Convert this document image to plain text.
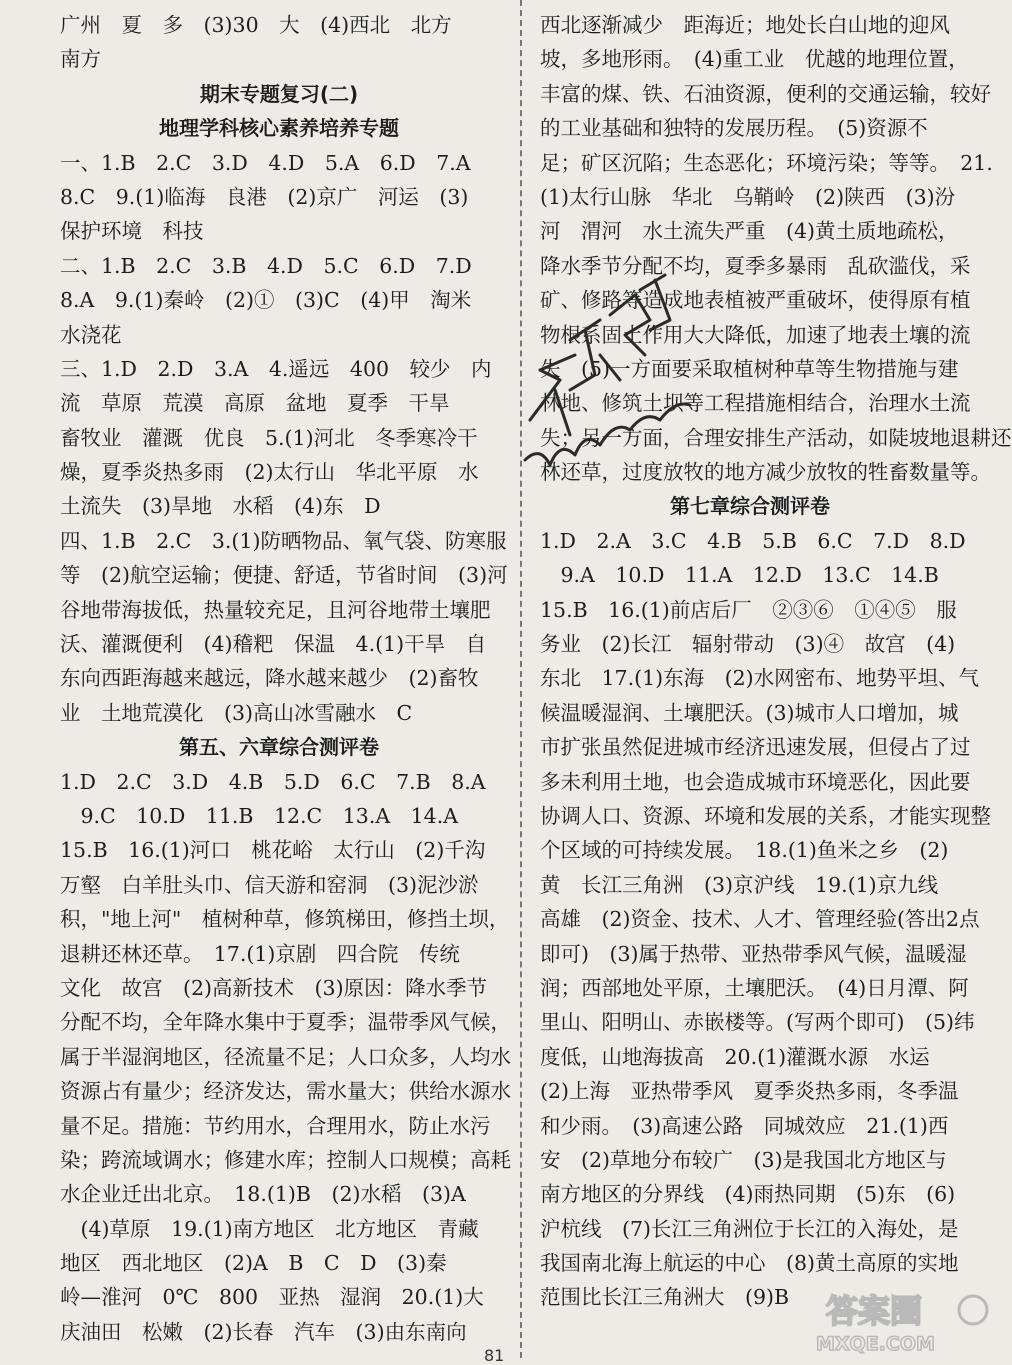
广州　夏　多　(3)30　大　(4)西北　北方
南方
期末专题复习(二)
地理学科核心素养培养专题
一、1.B　2.C　3.D　4.D　5.A　6.D　7.A
8.C　9.(1)临海　良港　(2)京广　河运　(3)
保护环境　科技
二、1.B　2.C　3.B　4.D　5.C　6.D　7.D
8.A　9.(1)秦岭　(2)①　(3)C　(4)甲　淘米
水浇花
三、1.D　2.D　3.A　4.遥远　400　较少　内
流　草原　荒漠　高原　盆地　夏季　干旱
畜牧业　灌溉　优良　5.(1)河北　冬季寒冷干
燥，夏季炎热多雨　(2)太行山　华北平原　水
土流失　(3)旱地　水稻　(4)东　D
四、1.B　2.C　3.(1)防晒物品、氧气袋、防寒服
等　(2)航空运输；便捷、舒适，节省时间　(3)河
谷地带海拔低，热量较充足，且河谷地带土壤肥
沃、灌溉便利　(4)稽粑　保温　4.(1)干旱　自
东向西距海越来越远，降水越来越少　(2)畜牧
业　土地荒漠化　(3)高山冰雪融水　C
第五、六章综合测评卷
1.D　2.C　3.D　4.B　5.D　6.C　7.B　8.A
　9.C　10.D　11.B　12.C　13.A　14.A
15.B　16.(1)河口　桃花峪　太行山　(2)千沟
万壑　白羊肚头巾、信天游和窑洞　(3)泥沙淤
积，"地上河"　植树种草，修筑梯田，修挡土坝，
退耕还林还草。　17.(1)京剧　四合院　传统
文化　故宫　(2)高新技术　(3)原因：降水季节
分配不均，全年降水集中于夏季；温带季风气候，
属于半湿润地区，径流量不足；人口众多，人均水
资源占有量少；经济发达，需水量大；供给水源水
量不足。措施：节约用水，合理用水，防止水污
染；跨流域调水；修建水库；控制人口规模；高耗
水企业迁出北京。　18.(1)B　(2)水稻　(3)A
　(4)草原　19.(1)南方地区　北方地区　青藏
地区　西北地区　(2)A　B　C　D　(3)秦
岭—淮河　0℃　800　亚热　湿润　20.(1)大
庆油田　松嫩　(2)长春　汽车　(3)由东南向
西北逐渐减少　距海近；地处长白山地的迎风
坡，多地形雨。　(4)重工业　优越的地理位置，
丰富的煤、铁、石油资源，便利的交通运输，较好
的工业基础和独特的发展历程。　(5)资源不
足；矿区沉陷；生态恶化；环境污染；等等。　21.
(1)太行山脉　华北　乌鞘岭　(2)陕西　(3)汾
河　渭河　水土流失严重　(4)黄土质地疏松，
降水季节分配不均，夏季多暴雨　乱砍滥伐，采
矿、修路等造成地表植被严重破坏，使得原有植
物根系固土作用大大降低，加速了地表土壤的流
失　(5)一方面要采取植树种草等生物措施与建
林地、修筑土坝等工程措施相结合，治理水土流
失；另一方面，合理安排生产活动，如陡坡地退耕还
林还草，过度放牧的地方减少放牧的牲畜数量等。
第七章综合测评卷
1.D　2.A　3.C　4.B　5.B　6.C　7.D　8.D
　9.A　10.D　11.A　12.D　13.C　14.B
15.B　16.(1)前店后厂　②③⑥　①④⑤　服
务业　(2)长江　辐射带动　(3)④　故宫　(4)
东北　17.(1)东海　(2)水网密布、地势平坦、气
候温暖湿润、土壤肥沃。(3)城市人口增加，城
市扩张虽然促进城市经济迅速发展，但侵占了过
多未利用土地，也会造成城市环境恶化，因此要
协调人口、资源、环境和发展的关系，才能实现整
个区域的可持续发展。　18.(1)鱼米之乡　(2)
黄　长江三角洲　(3)京沪线　19.(1)京九线
高雄　(2)资金、技术、人才、管理经验(答出2点
即可)　(3)属于热带、亚热带季风气候，温暖湿
润；西部地处平原，土壤肥沃。　(4)日月潭、阿
里山、阳明山、赤嵌楼等。(写两个即可)　(5)纬
度低，山地海拔高　20.(1)灌溉水源　水运
(2)上海　亚热带季风　夏季炎热多雨，冬季温
和少雨。　(3)高速公路　同城效应　21.(1)西
安　(2)草地分布较广　(3)是我国北方地区与
南方地区的分界线　(4)雨热同期　(5)东　(6)
沪杭线　(7)长江三角洲位于长江的入海处，是
我国南北海上航运的中心　(8)黄土高原的实地
范围比长江三角洲大　(9)B
81
答案圈
MXQE.COM
